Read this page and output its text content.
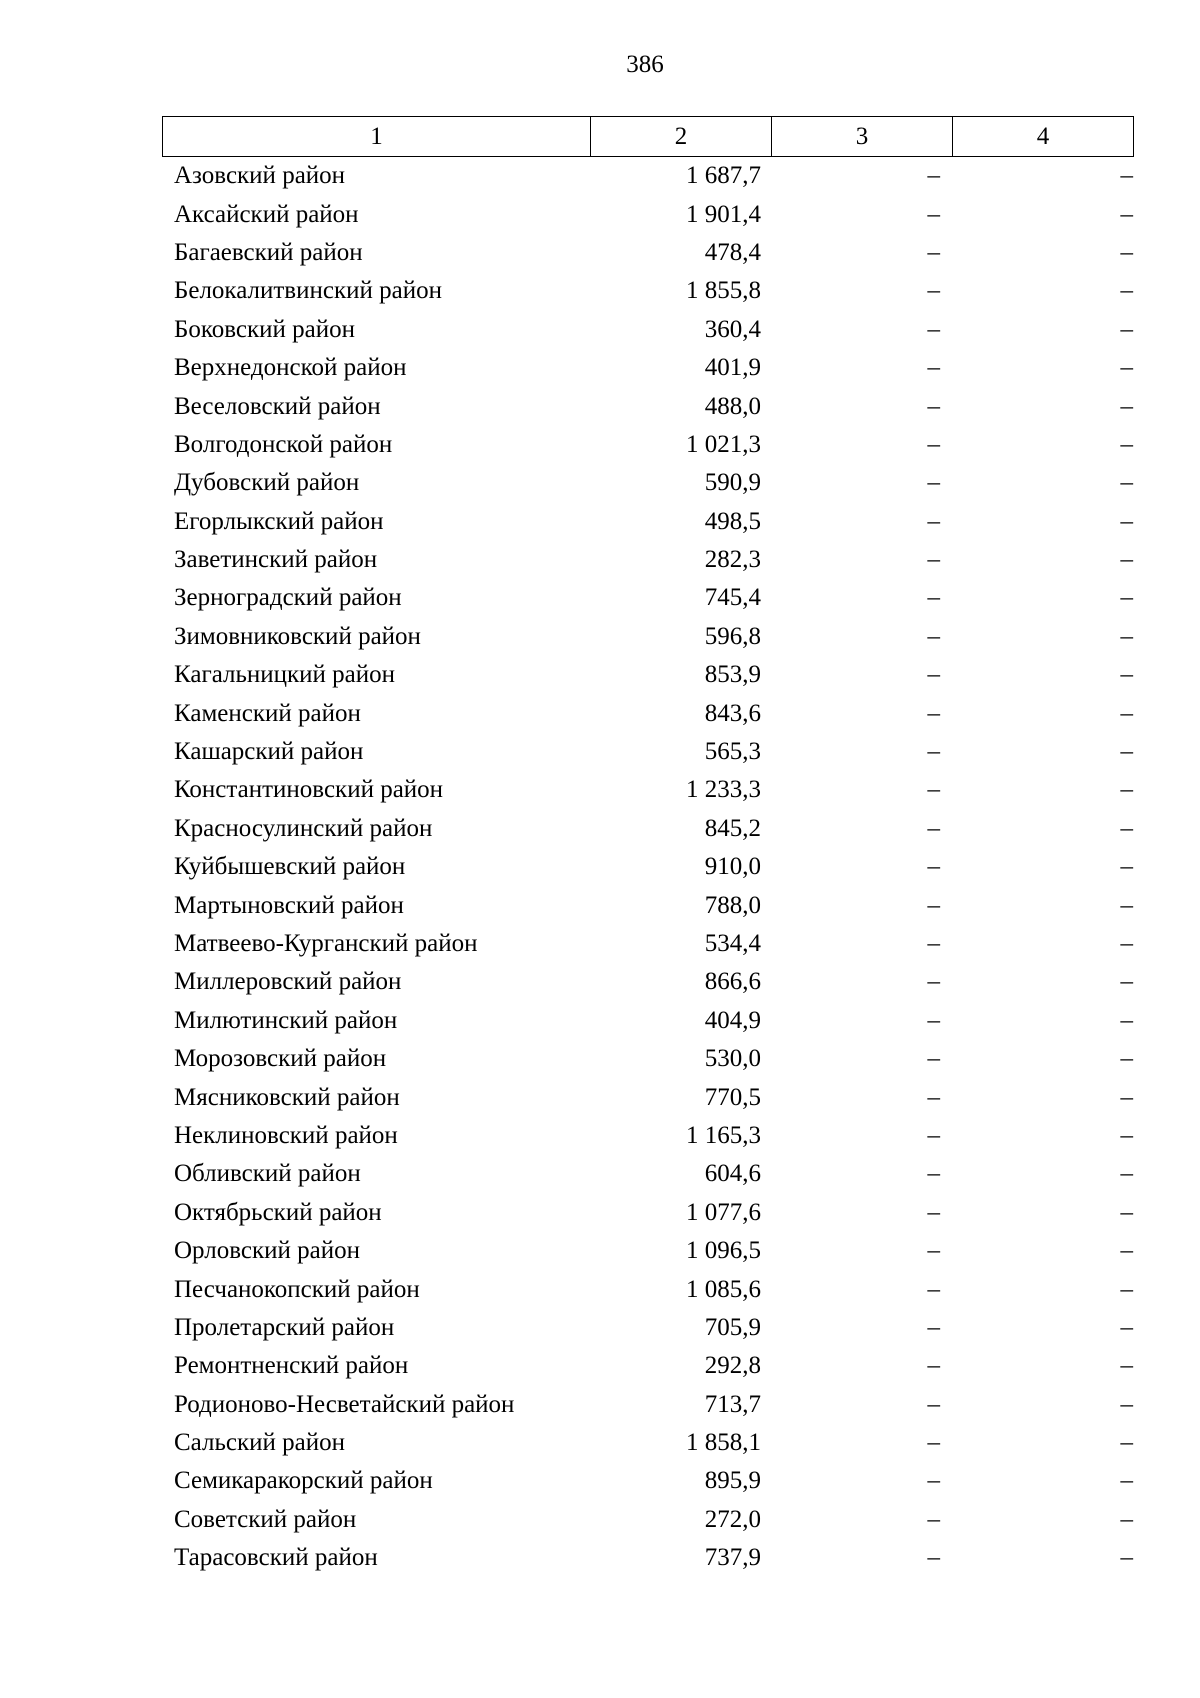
386
1	2	3	4
Азовский район	1 687,7	–	–
Аксайский район	1 901,4	–	–
Багаевский район	478,4	–	–
Белокалитвинский район	1 855,8	–	–
Боковский район	360,4	–	–
Верхнедонской район	401,9	–	–
Веселовский район	488,0	–	–
Волгодонской район	1 021,3	–	–
Дубовский район	590,9	–	–
Егорлыкский район	498,5	–	–
Заветинский район	282,3	–	–
Зерноградский район	745,4	–	–
Зимовниковский район	596,8	–	–
Кагальницкий район	853,9	–	–
Каменский район	843,6	–	–
Кашарский район	565,3	–	–
Константиновский район	1 233,3	–	–
Красносулинский район	845,2	–	–
Куйбышевский район	910,0	–	–
Мартыновский район	788,0	–	–
Матвеево-Курганский район	534,4	–	–
Миллеровский район	866,6	–	–
Милютинский район	404,9	–	–
Морозовский район	530,0	–	–
Мясниковский район	770,5	–	–
Неклиновский район	1 165,3	–	–
Обливский район	604,6	–	–
Октябрьский район	1 077,6	–	–
Орловский район	1 096,5	–	–
Песчанокопский район	1 085,6	–	–
Пролетарский район	705,9	–	–
Ремонтненский район	292,8	–	–
Родионово-Несветайский район	713,7	–	–
Сальский район	1 858,1	–	–
Семикаракорский район	895,9	–	–
Советский район	272,0	–	–
Тарасовский район	737,9	–	–
